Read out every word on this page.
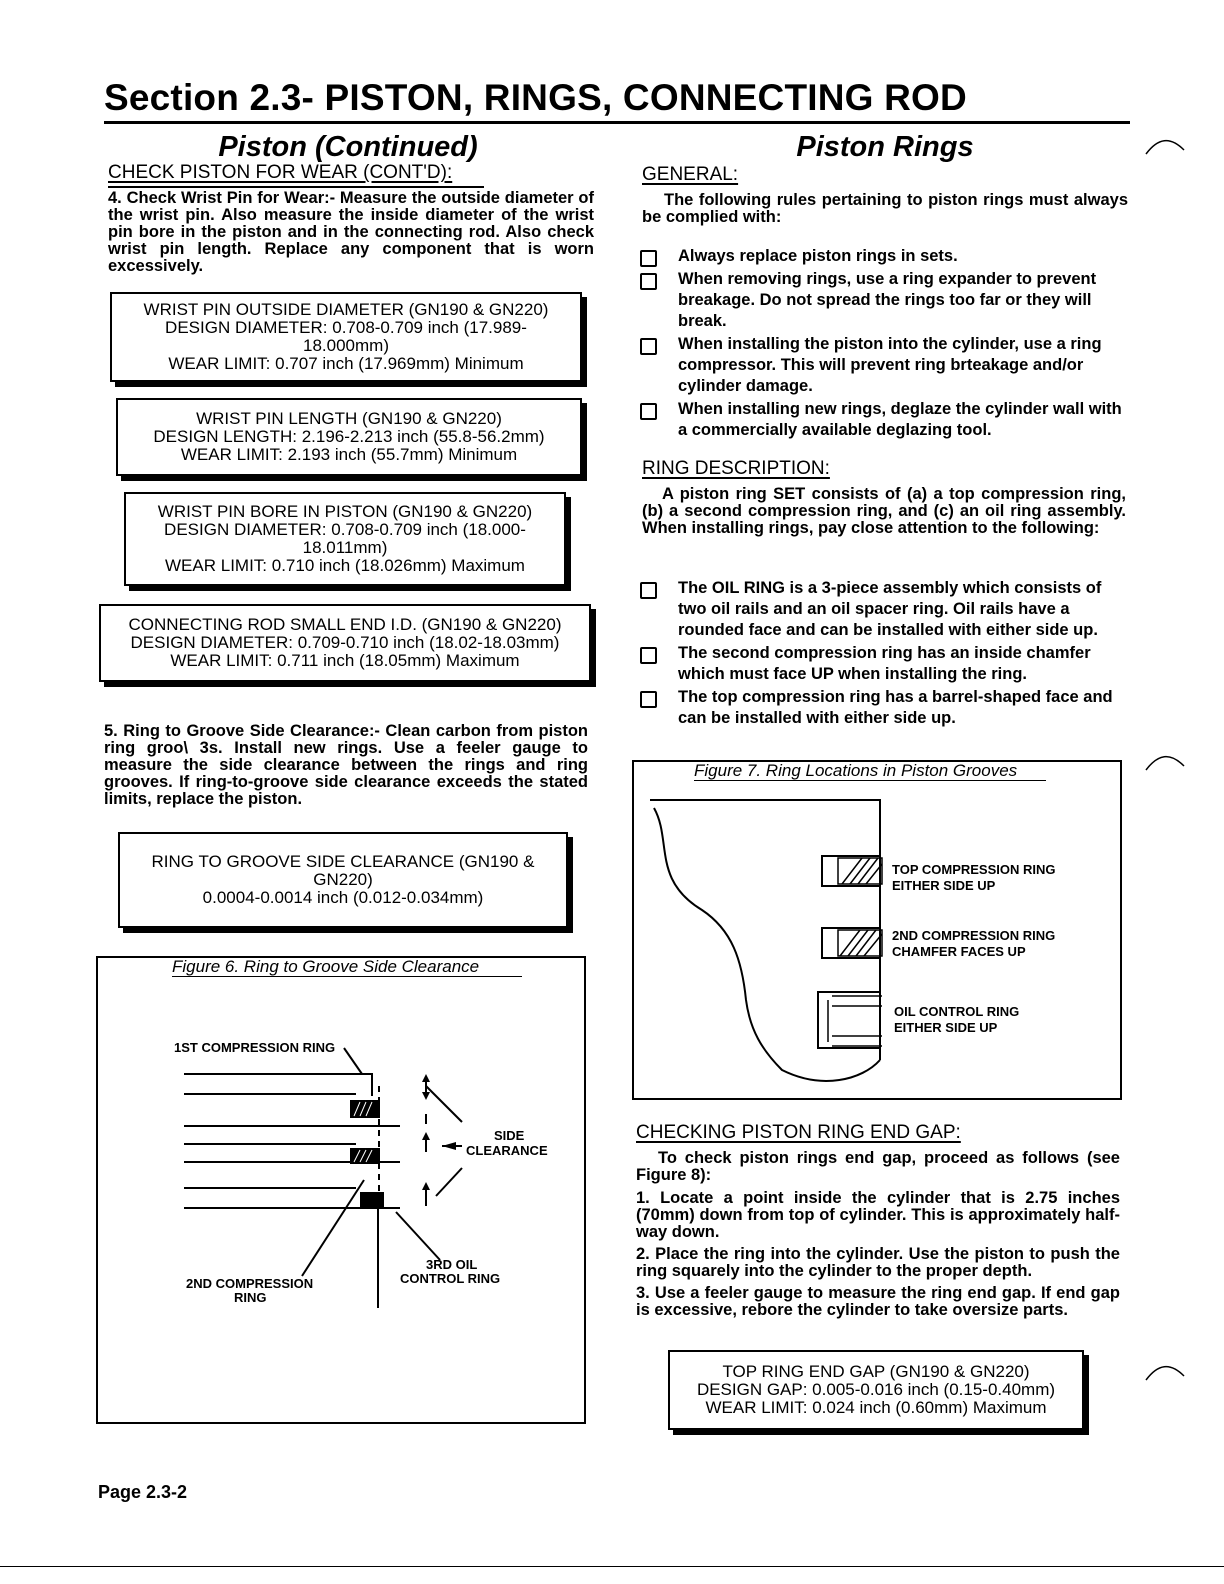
Section 2.3- PISTON, RINGS, CONNECTING ROD
Piston (Continued)
CHECK PISTON FOR WEAR (CONT'D):
4. Check Wrist Pin for Wear:- Measure the outside diameter of the wrist pin. Also measure the inside diameter of the wrist pin bore in the piston and in the connecting rod. Also check wrist pin length. Replace any component that is worn excessively.
WRIST PIN OUTSIDE DIAMETER (GN190 & GN220)
DESIGN DIAMETER: 0.708-0.709 inch (17.989-
18.000mm)
WEAR LIMIT: 0.707 inch (17.969mm) Minimum
WRIST PIN LENGTH (GN190 & GN220)
DESIGN LENGTH: 2.196-2.213 inch (55.8-56.2mm)
WEAR LIMIT: 2.193 inch (55.7mm) Minimum
WRIST PIN BORE IN PISTON (GN190 & GN220)
DESIGN DIAMETER: 0.708-0.709 inch (18.000-
18.011mm)
WEAR LIMIT: 0.710 inch (18.026mm) Maximum
CONNECTING ROD SMALL END I.D. (GN190 & GN220)
DESIGN DIAMETER: 0.709-0.710 inch (18.02-18.03mm)
WEAR LIMIT: 0.711 inch (18.05mm) Maximum
5. Ring to Groove Side Clearance:- Clean carbon from piston ring groo\ 3s. Install new rings. Use a feeler gauge to measure the side clearance between the rings and ring grooves. If ring-to-groove side clearance exceeds the stated limits, replace the piston.
RING TO GROOVE SIDE CLEARANCE (GN190 &
GN220)
0.0004-0.0014 inch (0.012-0.034mm)
Figure 6. Ring to Groove Side Clearance
1ST COMPRESSION RING
SIDE
CLEARANCE
3RD OIL
CONTROL RING
2ND COMPRESSION
RING
Page 2.3-2
Piston Rings
GENERAL:
The following rules pertaining to piston rings must always be complied with:
Always replace piston rings in sets.
When removing rings, use a ring expander to prevent breakage. Do not spread the rings too far or they will break.
When installing the piston into the cylinder, use a ring compressor. This will prevent ring brteakage and/or cylinder damage.
When installing new rings, deglaze the cylinder wall with a commercially available deglazing tool.
RING DESCRIPTION:
A piston ring SET consists of (a) a top compression ring, (b) a second compression ring, and (c) an oil ring assembly. When installing rings, pay close attention to the following:
The OIL RING is a 3-piece assembly which consists of two oil rails and an oil spacer ring. Oil rails have a rounded face and can be installed with either side up.
The second compression ring has an inside chamfer which must face UP when installing the ring.
The top compression ring has a barrel-shaped face and can be installed with either side up.
Figure 7. Ring Locations in Piston Grooves
TOP COMPRESSION RING
EITHER SIDE UP
2ND COMPRESSION RING
CHAMFER FACES UP
OIL CONTROL RING
EITHER SIDE UP
CHECKING PISTON RING END GAP:
To check piston rings end gap, proceed as follows (see Figure 8):
1. Locate a point inside the cylinder that is 2.75 inches (70mm) down from top of cylinder. This is approximately half-way down.
2. Place the ring into the cylinder. Use the piston to push the ring squarely into the cylinder to the proper depth.
3. Use a feeler gauge to measure the ring end gap. If end gap is excessive, rebore the cylinder to take oversize parts.
TOP RING END GAP (GN190 & GN220)
DESIGN GAP: 0.005-0.016 inch (0.15-0.40mm)
WEAR LIMIT: 0.024 inch (0.60mm) Maximum
